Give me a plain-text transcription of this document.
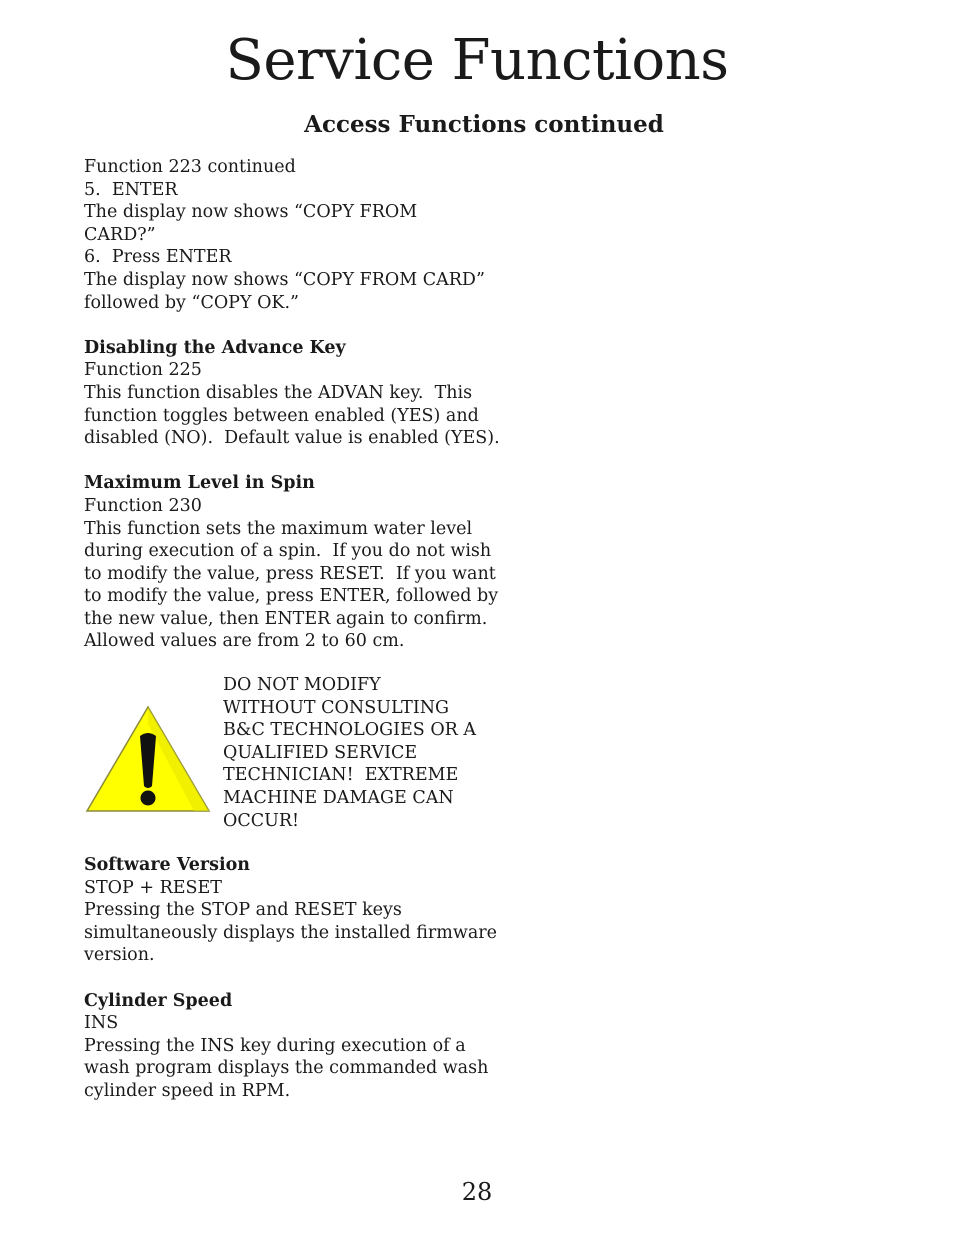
Service Functions
Access Functions continued
Function 223 continued
5.  ENTER
The display now shows “COPY FROM
CARD?”
6.  Press ENTER
The display now shows “COPY FROM CARD”
followed by “COPY OK.”
Disabling the Advance Key
Function 225
This function disables the ADVAN key.  This
function toggles between enabled (YES) and
disabled (NO).  Default value is enabled (YES).
Maximum Level in Spin
Function 230
This function sets the maximum water level
during execution of a spin.  If you do not wish
to modify the value, press RESET.  If you want
to modify the value, press ENTER, followed by
the new value, then ENTER again to confirm.
Allowed values are from 2 to 60 cm.
DO NOT MODIFY
WITHOUT CONSULTING
B&C TECHNOLOGIES OR A
QUALIFIED SERVICE
TECHNICIAN!  EXTREME
MACHINE DAMAGE CAN
OCCUR!
Software Version
STOP + RESET
Pressing the STOP and RESET keys
simultaneously displays the installed firmware
version.
Cylinder Speed
INS
Pressing the INS key during execution of a
wash program displays the commanded wash
cylinder speed in RPM.
28
